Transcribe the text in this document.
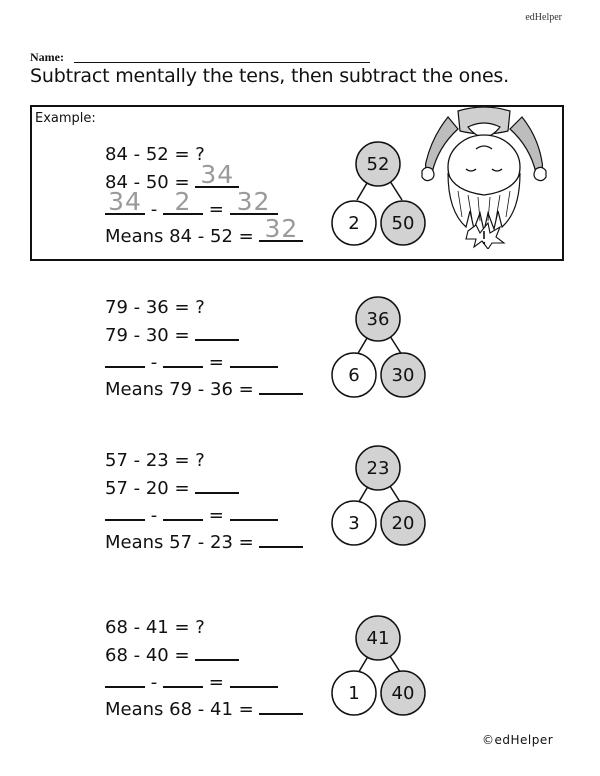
edHelper
Name:
Subtract mentally the tens, then subtract the ones.
Example:
84 - 52 = ?
84 - 50 = 34
34 - 2 = 32
Means 84 - 52 = 32
52
2 50
79 - 36 = ?
79 - 30 =
-	=
Means 79 - 36 =
36
6 30
57 - 23 = ?
57 - 20 =
-	=
Means 57 - 23 =
23
3 20
68 - 41 = ?
68 - 40 =
-	=
Means 68 - 41 =
41
1 40
©edHelper
